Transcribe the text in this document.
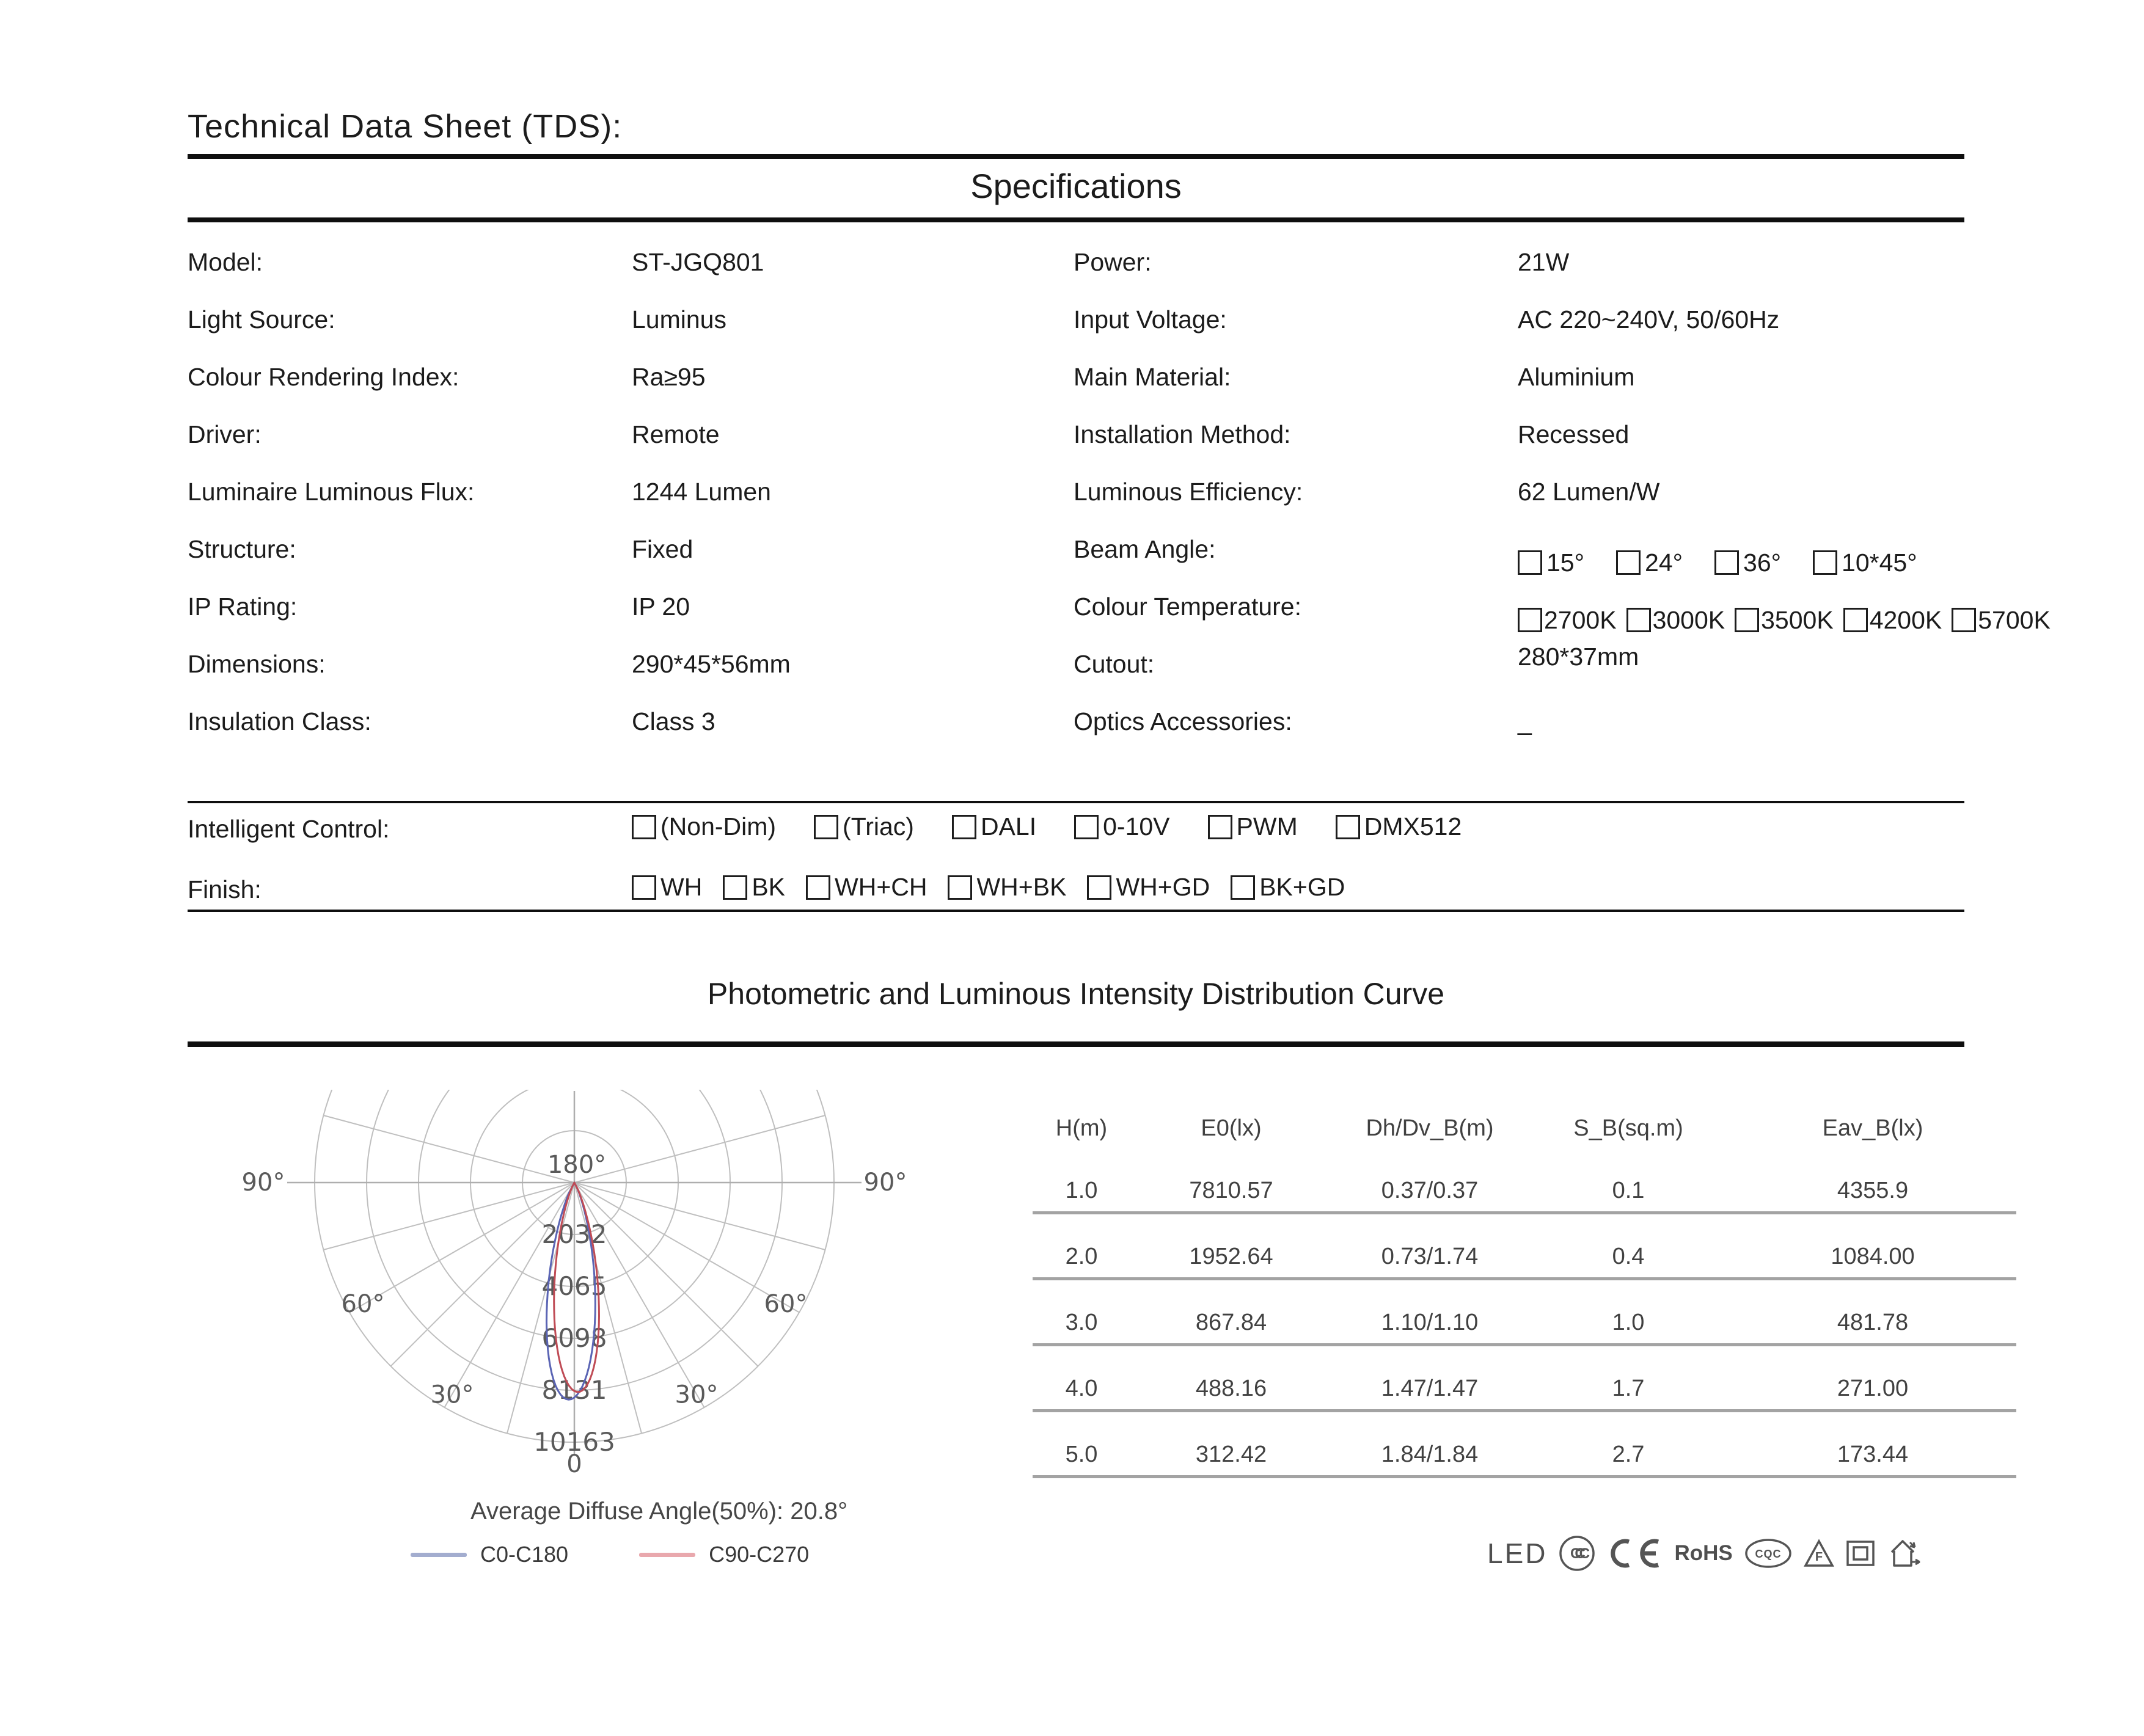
Technical Data Sheet (TDS):
Specifications
Model:	ST-JGQ801	Power:	21W
Light Source:	Luminus	Input Voltage:	AC 220~240V, 50/60Hz
Colour Rendering Index:	Ra≥95	Main Material:	Aluminium
Driver:	Remote	Installation Method:	Recessed
Luminaire Luminous Flux:	1244 Lumen	Luminous Efficiency:	62 Lumen/W
Structure:	Fixed	Beam Angle:	15° 24° 36° 10*45°
IP Rating:	IP 20	Colour Temperature:	2700K 3000K 3500K 4200K 5700K
Dimensions:	290*45*56mm	Cutout:	280*37mm
Insulation Class:	Class 3	Optics Accessories:	_
Intelligent Control:	(Non-Dim)	(Triac)	DALI	0-10V	PWM	DMX512
Finish:	WH BK WH+CH WH+BK WH+GD BK+GD
Photometric and Luminous Intensity Distribution Curve
2032
4065
6098
8131
10163
180°
90°	90°
60°	60°
30°	30°
0
Average Diffuse Angle(50%): 20.8°
C0-C180	C90-C270
H(m)	E0(lx)	Dh/Dv_B(m)	S_B(sq.m)	Eav_B(lx)
1.0	7810.57	0.37/0.37	0.1	4355.9
2.0	1952.64	0.73/1.74	0.4	1084.00
3.0	867.84	1.10/1.10	1.0	481.78
4.0	488.16	1.47/1.47	1.7	271.00
5.0	312.42	1.84/1.84	2.7	173.44
LED CCC	RoHS CQC	F
